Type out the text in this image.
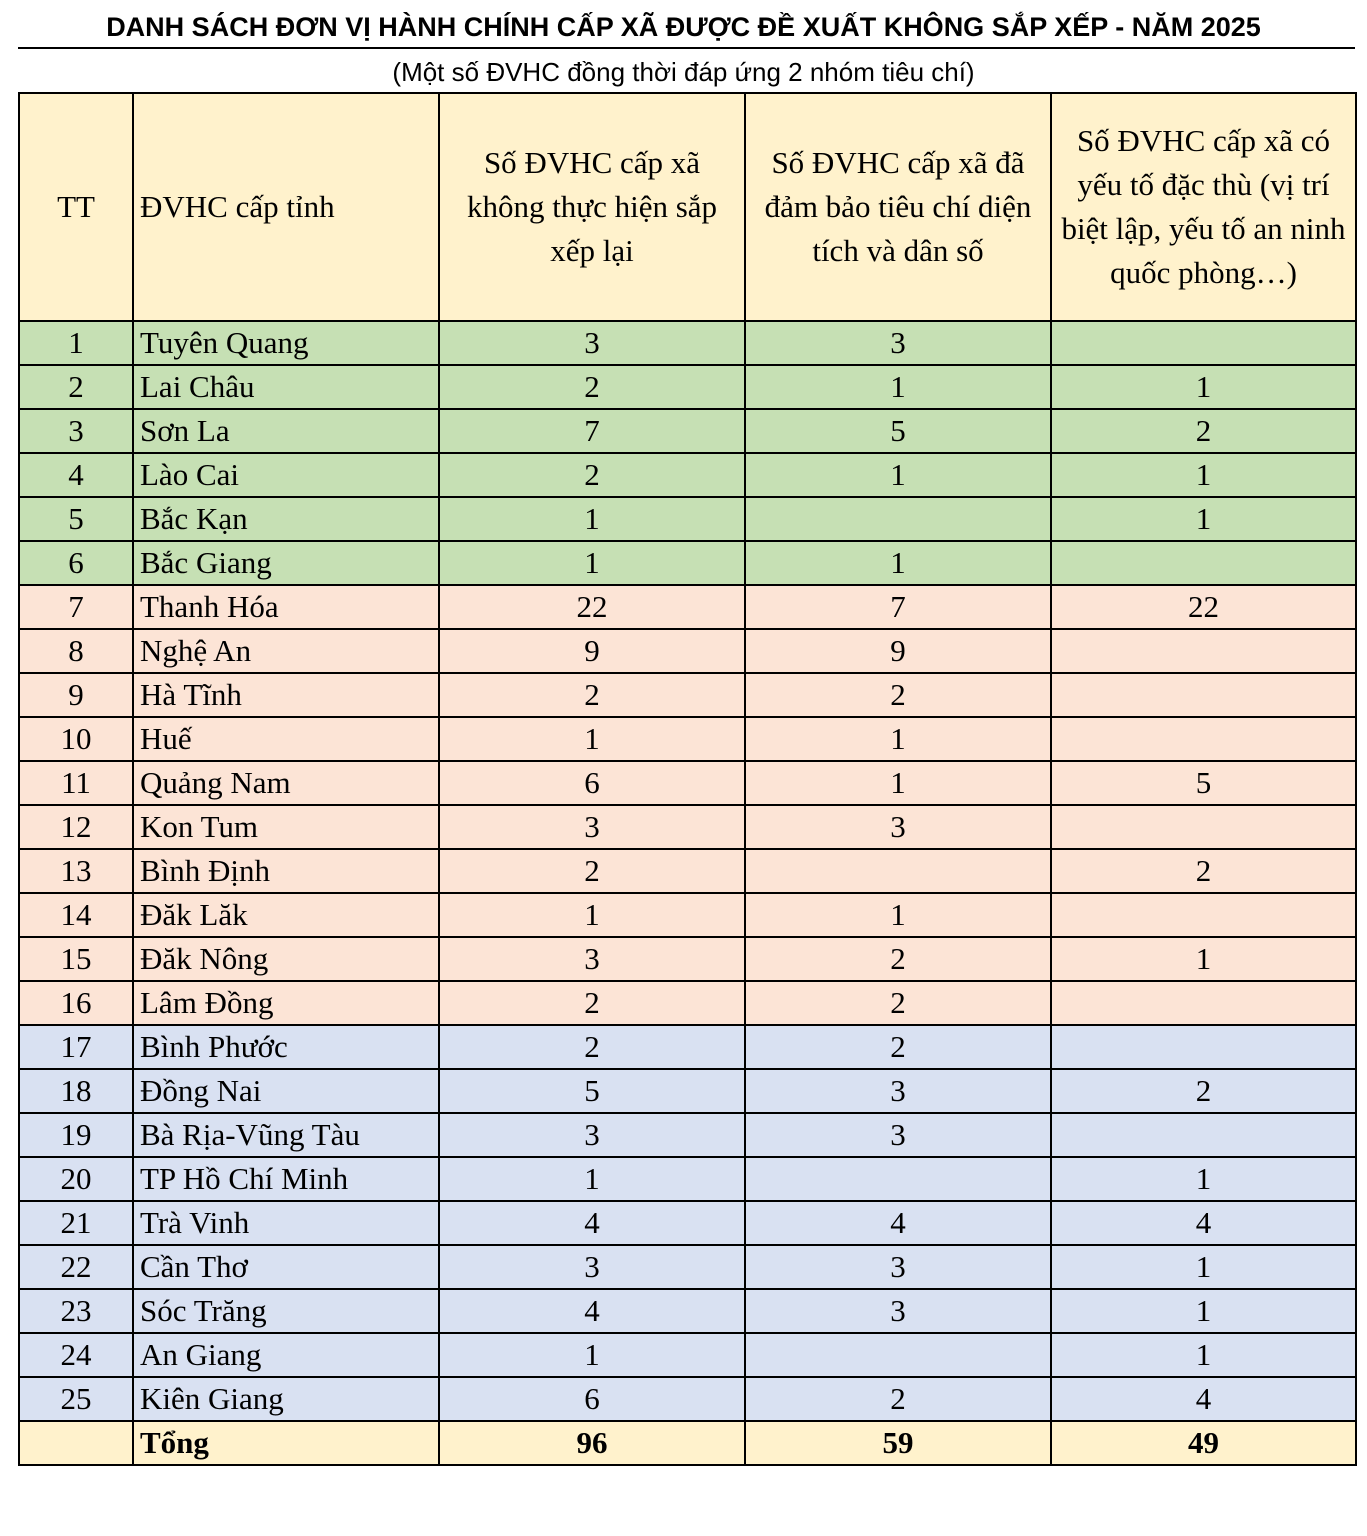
DANH SÁCH ĐƠN VỊ HÀNH CHÍNH CẤP XÃ ĐƯỢC ĐỀ XUẤT KHÔNG SẮP XẾP - NĂM 2025
(Một số ĐVHC đồng thời đáp ứng 2 nhóm tiêu chí)
TT	ĐVHC cấp tỉnh	Số ĐVHC cấp xã không thực hiện sắp xếp lại	Số ĐVHC cấp xã đã đảm bảo tiêu chí diện tích và dân số	Số ĐVHC cấp xã có yếu tố đặc thù (vị trí biệt lập, yếu tố an ninh quốc phòng…)
1	Tuyên Quang	3	3	
2	Lai Châu	2	1	1
3	Sơn La	7	5	2
4	Lào Cai	2	1	1
5	Bắc Kạn	1		1
6	Bắc Giang	1	1	
7	Thanh Hóa	22	7	22
8	Nghệ An	9	9	
9	Hà Tĩnh	2	2	
10	Huế	1	1	
11	Quảng Nam	6	1	5
12	Kon Tum	3	3	
13	Bình Định	2		2
14	Đăk Lăk	1	1	
15	Đăk Nông	3	2	1
16	Lâm Đồng	2	2	
17	Bình Phước	2	2	
18	Đồng Nai	5	3	2
19	Bà Rịa-Vũng Tàu	3	3	
20	TP Hồ Chí Minh	1		1
21	Trà Vinh	4	4	4
22	Cần Thơ	3	3	1
23	Sóc Trăng	4	3	1
24	An Giang	1		1
25	Kiên Giang	6	2	4
	Tổng	96	59	49
